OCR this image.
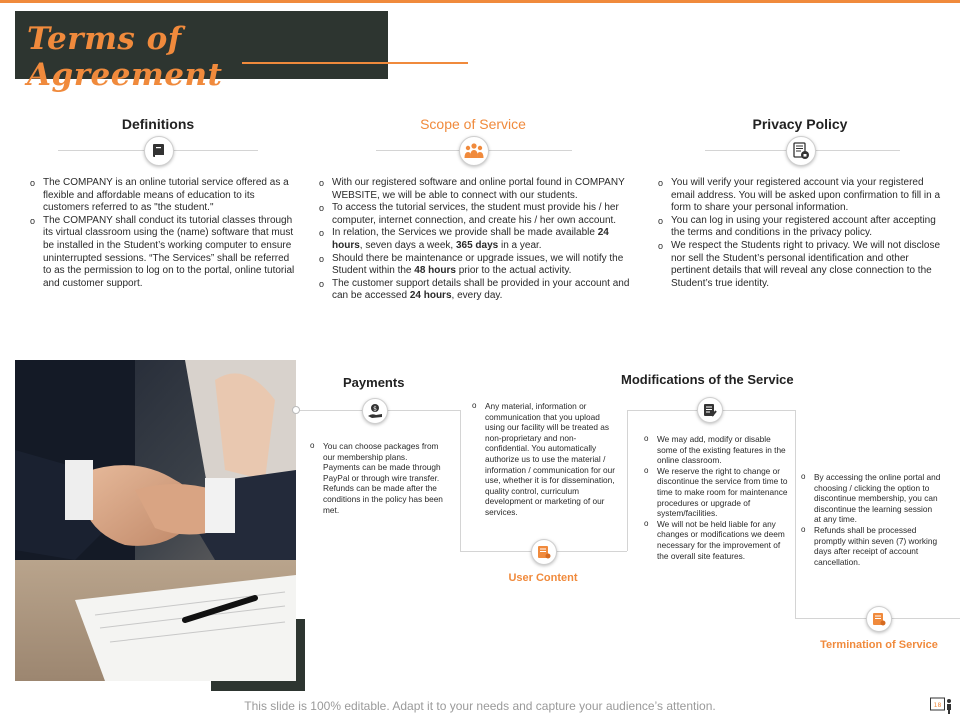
Terms of Agreement
Definitions
o The COMPANY is an online tutorial service offered as a flexible and affordable means of education to its customers referred to as "the student."
o The COMPANY shall conduct its tutorial classes through its virtual classroom using the (name) software that must be installed in the Student’s working computer to ensure uninterrupted sessions. “The Services” shall be referred to as the permission to log on to the portal, online tutorial and customer support.
Scope of Service
o With our registered software and online portal found in COMPANY WEBSITE, we will be able to connect with our students.
o To access the tutorial services, the student must provide his / her computer, internet connection, and create his / her own account.
o In relation, the Services we provide shall be made available 24 hours, seven days a week, 365 days in a year.
o Should there be maintenance or upgrade issues, we will notify the Student within the 48 hours prior to the actual activity.
o The customer support details shall be provided in your account and can be accessed 24 hours, every day.
Privacy Policy
o You will verify your registered account via your registered email address. You will be asked upon confirmation to fill in a form to share your personal information.
o You can log in using your registered account after accepting the terms and conditions in the privacy policy.
o We respect the Students right to privacy. We will not disclose nor sell the Student’s personal identification and other pertinent details that will reveal any close connection to the Student’s true identity.
Payments
$
o You can choose packages from our membership plans. Payments can be made through PayPal or through wire transfer. Refunds can be made after the conditions in the policy has been met.
o Any material, information or communication that you upload using our facility will be treated as non-proprietary and non-confidential. You automatically authorize us to use the material / information / communication for our use, whether it is for dissemination, quality control, curriculum development or marketing of our services.
User Content
Modifications of the Service
o We may add, modify or disable some of the existing features in the online classroom.
o We reserve the right to change or discontinue the service from time to time to make room for maintenance procedures or upgrade of system/facilities.
o We will not be held liable for any changes or modifications we deem necessary for the improvement of the overall site features.
o By accessing the online portal and choosing / clicking the option to discontinue membership, you can discontinue the learning session at any time.
o Refunds shall be processed promptly within seven (7) working days after receipt of account cancellation.
Termination of Service
This slide is 100% editable. Adapt it to your needs and capture your audience’s attention.	18
